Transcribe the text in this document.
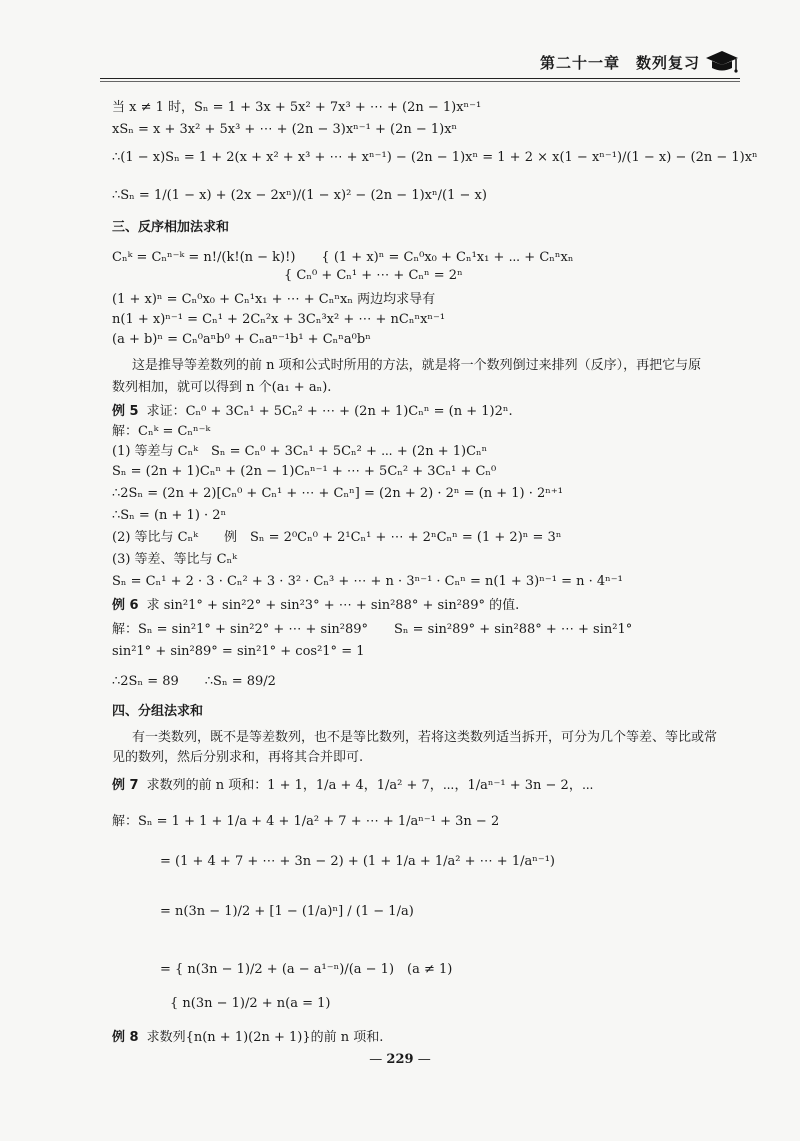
第二十一章　数列复习
当 x ≠ 1 时，Sₙ = 1 + 3x + 5x² + 7x³ + ⋯ + (2n − 1)xⁿ⁻¹
xSₙ = x + 3x² + 5x³ + ⋯ + (2n − 3)xⁿ⁻¹ + (2n − 1)xⁿ
∴(1 − x)Sₙ = 1 + 2(x + x² + x³ + ⋯ + xⁿ⁻¹) − (2n − 1)xⁿ = 1 + 2 × x(1 − xⁿ⁻¹)/(1 − x) − (2n − 1)xⁿ
∴Sₙ = 1/(1 − x) + (2x − 2xⁿ)/(1 − x)² − (2n − 1)xⁿ/(1 − x)
三、反序相加法求和
Cₙᵏ = Cₙⁿ⁻ᵏ = n!/(k!(n − k)!)　　{ (1 + x)ⁿ = Cₙ⁰x₀ + Cₙ¹x₁ + ⋯ + Cₙⁿxₙ
{ Cₙ⁰ + Cₙ¹ + ⋯ + Cₙⁿ = 2ⁿ
(1 + x)ⁿ = Cₙ⁰x₀ + Cₙ¹x₁ + ⋯ + Cₙⁿxₙ 两边均求导有
n(1 + x)ⁿ⁻¹ = Cₙ¹ + 2Cₙ²x + 3Cₙ³x² + ⋯ + nCₙⁿxⁿ⁻¹
(a + b)ⁿ = Cₙ⁰aⁿb⁰ + Cₙaⁿ⁻¹b¹ + Cₙⁿa⁰bⁿ
这是推导等差数列的前 n 项和公式时所用的方法，就是将一个数列倒过来排列（反序），再把它与原
数列相加，就可以得到 n 个(a₁ + aₙ).
例 5 求证：Cₙ⁰ + 3Cₙ¹ + 5Cₙ² + ⋯ + (2n + 1)Cₙⁿ = (n + 1)2ⁿ.
解：Cₙᵏ = Cₙⁿ⁻ᵏ
(1) 等差与 Cₙᵏ　Sₙ = Cₙ⁰ + 3Cₙ¹ + 5Cₙ² + ⋯ + (2n + 1)Cₙⁿ
Sₙ = (2n + 1)Cₙⁿ + (2n − 1)Cₙⁿ⁻¹ + ⋯ + 5Cₙ² + 3Cₙ¹ + Cₙ⁰
∴2Sₙ = (2n + 2)[Cₙ⁰ + Cₙ¹ + ⋯ + Cₙⁿ] = (2n + 2) · 2ⁿ = (n + 1) · 2ⁿ⁺¹
∴Sₙ = (n + 1) · 2ⁿ
(2) 等比与 Cₙᵏ　　例　Sₙ = 2⁰Cₙ⁰ + 2¹Cₙ¹ + ⋯ + 2ⁿCₙⁿ = (1 + 2)ⁿ = 3ⁿ
(3) 等差、等比与 Cₙᵏ
Sₙ = Cₙ¹ + 2 · 3 · Cₙ² + 3 · 3² · Cₙ³ + ⋯ + n · 3ⁿ⁻¹ · Cₙⁿ = n(1 + 3)ⁿ⁻¹ = n · 4ⁿ⁻¹
例 6 求 sin²1° + sin²2° + sin²3° + ⋯ + sin²88° + sin²89° 的值.
解：Sₙ = sin²1° + sin²2° + ⋯ + sin²89°　　Sₙ = sin²89° + sin²88° + ⋯ + sin²1°
sin²1° + sin²89° = sin²1° + cos²1° = 1
∴2Sₙ = 89　　∴Sₙ = 89/2
四、分组法求和
有一类数列，既不是等差数列，也不是等比数列，若将这类数列适当拆开，可分为几个等差、等比或常
见的数列，然后分别求和，再将其合并即可.
例 7 求数列的前 n 项和：1 + 1，1/a + 4，1/a² + 7，⋯，1/aⁿ⁻¹ + 3n − 2，⋯
解：Sₙ = 1 + 1 + 1/a + 4 + 1/a² + 7 + ⋯ + 1/aⁿ⁻¹ + 3n − 2
= (1 + 4 + 7 + ⋯ + 3n − 2) + (1 + 1/a + 1/a² + ⋯ + 1/aⁿ⁻¹)
= n(3n − 1)/2 + [1 − (1/a)ⁿ] / (1 − 1/a)
= { n(3n − 1)/2 + (a − a¹⁻ⁿ)/(a − 1)　(a ≠ 1)
{ n(3n − 1)/2 + n(a = 1)
例 8 求数列{n(n + 1)(2n + 1)}的前 n 项和.
— 229 —
